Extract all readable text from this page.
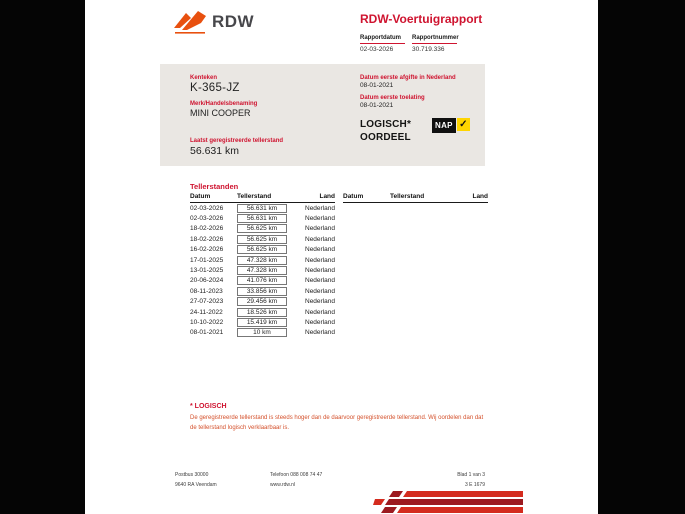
RDW	RDW-Voertuigrapport
Rapportdatum
02-03-2026
Rapportnummer
30.719.336
Kenteken
K-365-JZ
Merk/Handelsbenaming
MINI COOPER
Laatst geregistreerde tellerstand
56.631 km
Datum eerste afgifte in Nederland
08-01-2021
Datum eerste toelating
08-01-2021
LOGISCH*
OORDEEL
NAP ✓
Tellerstanden
Datum	Tellerstand	Land
02-03-2026	56.631 km	Nederland
02-03-2026	56.631 km	Nederland
18-02-2026	56.625 km	Nederland
18-02-2026	56.625 km	Nederland
16-02-2026	56.625 km	Nederland
17-01-2025	47.328 km	Nederland
13-01-2025	47.328 km	Nederland
20-06-2024	41.076 km	Nederland
08-11-2023	33.856 km	Nederland
27-07-2023	29.456 km	Nederland
24-11-2022	18.526 km	Nederland
10-10-2022	15.419 km	Nederland
08-01-2021	10 km	Nederland
Datum	Tellerstand	Land
* LOGISCH
De geregistreerde tellerstand is steeds hoger dan de daarvoor geregistreerde tellerstand. Wij oordelen dan dat de tellerstand logisch verklaarbaar is.
Postbus 30000
9640 RA Veendam
Telefoon 088 008 74 47
www.rdw.nl
Blad 1 van 3
3 E 1679
